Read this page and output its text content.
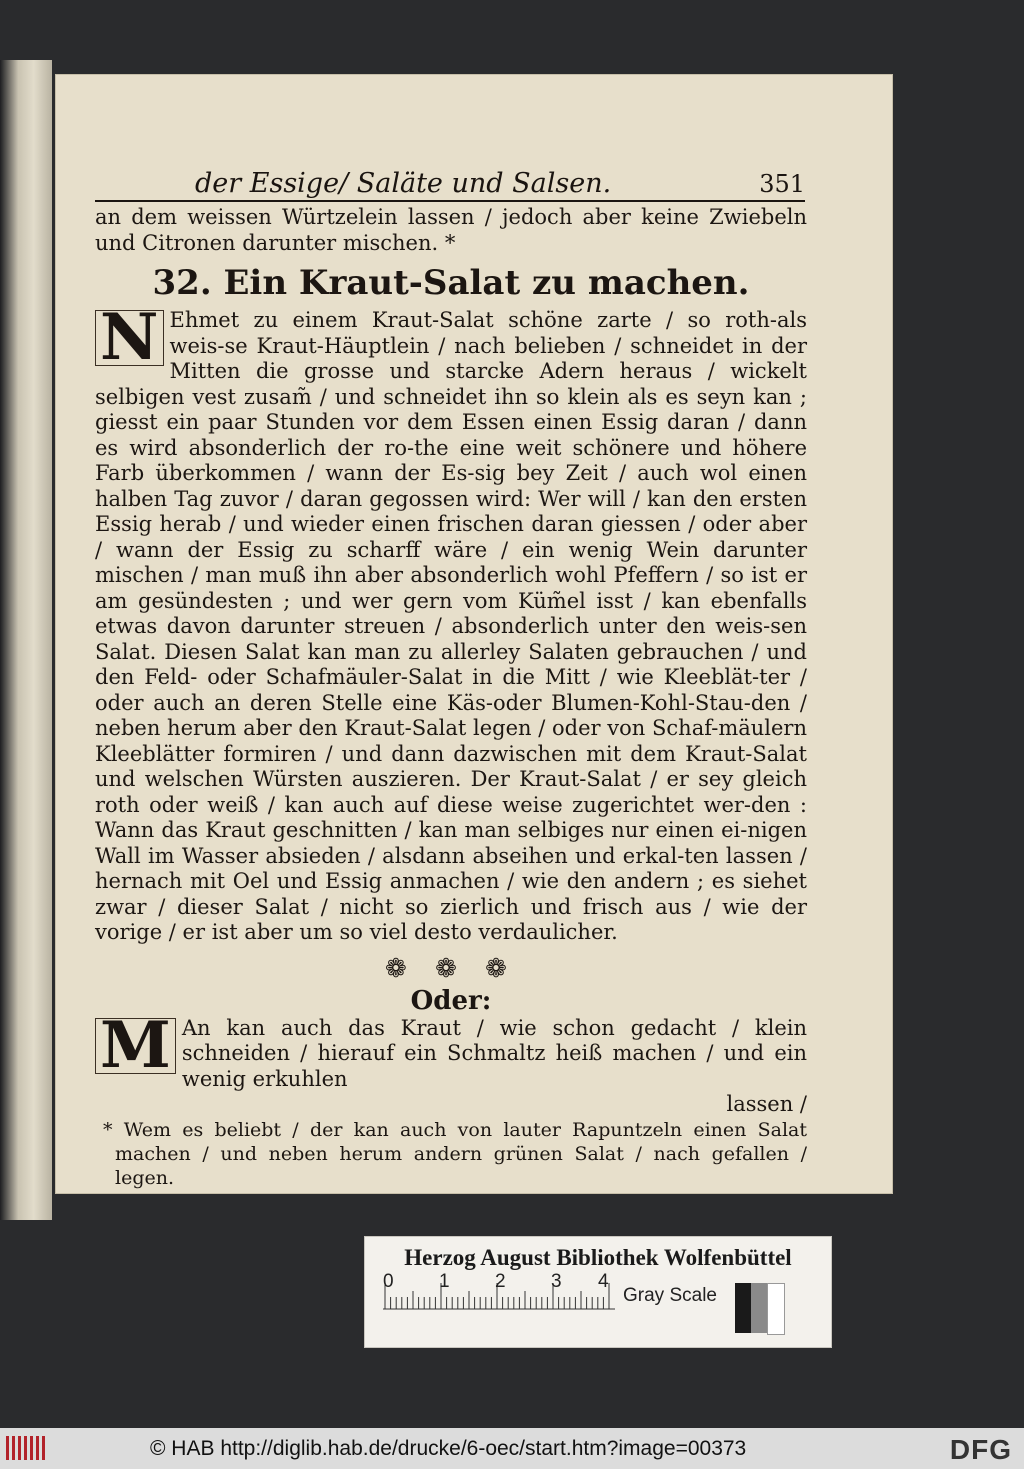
der Essige/ Saläte und Salsen.	351

an dem weissen Würtzelein lassen / jedoch aber keine Zwiebeln und Citronen darunter mischen. *

32. Ein Kraut-Salat zu machen.

N Ehmet zu einem Kraut-Salat schöne zarte / so roth-als weis-se Kraut-Häuptlein / nach belieben / schneidet in der Mitten die grosse und starcke Adern heraus / wickelt selbigen vest zusam̃ / und schneidet ihn so klein als es seyn kan ; giesst ein paar Stunden vor dem Essen einen Essig daran / dann es wird absonderlich der ro-the eine weit schönere und höhere Farb überkommen / wann der Es-sig bey Zeit / auch wol einen halben Tag zuvor / daran gegossen wird: Wer will / kan den ersten Essig herab / und wieder einen frischen daran giessen / oder aber / wann der Essig zu scharff wäre / ein wenig Wein darunter mischen / man muß ihn aber absonderlich wohl Pfeffern / so ist er am gesündesten ; und wer gern vom Küm̃el isst / kan ebenfalls etwas davon darunter streuen / absonderlich unter den weis-sen Salat. Diesen Salat kan man zu allerley Salaten gebrauchen / und den Feld- oder Schafmäuler-Salat in die Mitt / wie Kleeblät-ter / oder auch an deren Stelle eine Käs-oder Blumen-Kohl-Stau-den / neben herum aber den Kraut-Salat legen / oder von Schaf-mäulern Kleeblätter formiren / und dann dazwischen mit dem Kraut-Salat und welschen Würsten auszieren. Der Kraut-Salat / er sey gleich roth oder weiß / kan auch auf diese weise zugerichtet wer-den : Wann das Kraut geschnitten / kan man selbiges nur einen ei-nigen Wall im Wasser absieden / alsdann abseihen und erkal-ten lassen / hernach mit Oel und Essig anmachen / wie den andern ; es siehet zwar / dieser Salat / nicht so zierlich und frisch aus / wie der vorige / er ist aber um so viel desto verdaulicher.

❁ ❁ ❁
Oder:

M An kan auch das Kraut / wie schon gedacht / klein schneiden / hierauf ein Schmaltz heiß machen / und ein wenig erkuhlen

lassen /

* Wem es beliebt / der kan auch von lauter Rapuntzeln einen Salat machen / und neben herum andern grünen Salat / nach gefallen / legen.

Herzog August Bibliothek Wolfenbüttel
0 1 2 3 4
Gray Scale
© HAB http://diglib.hab.de/drucke/6-oec/start.htm?image=00373	DFG
